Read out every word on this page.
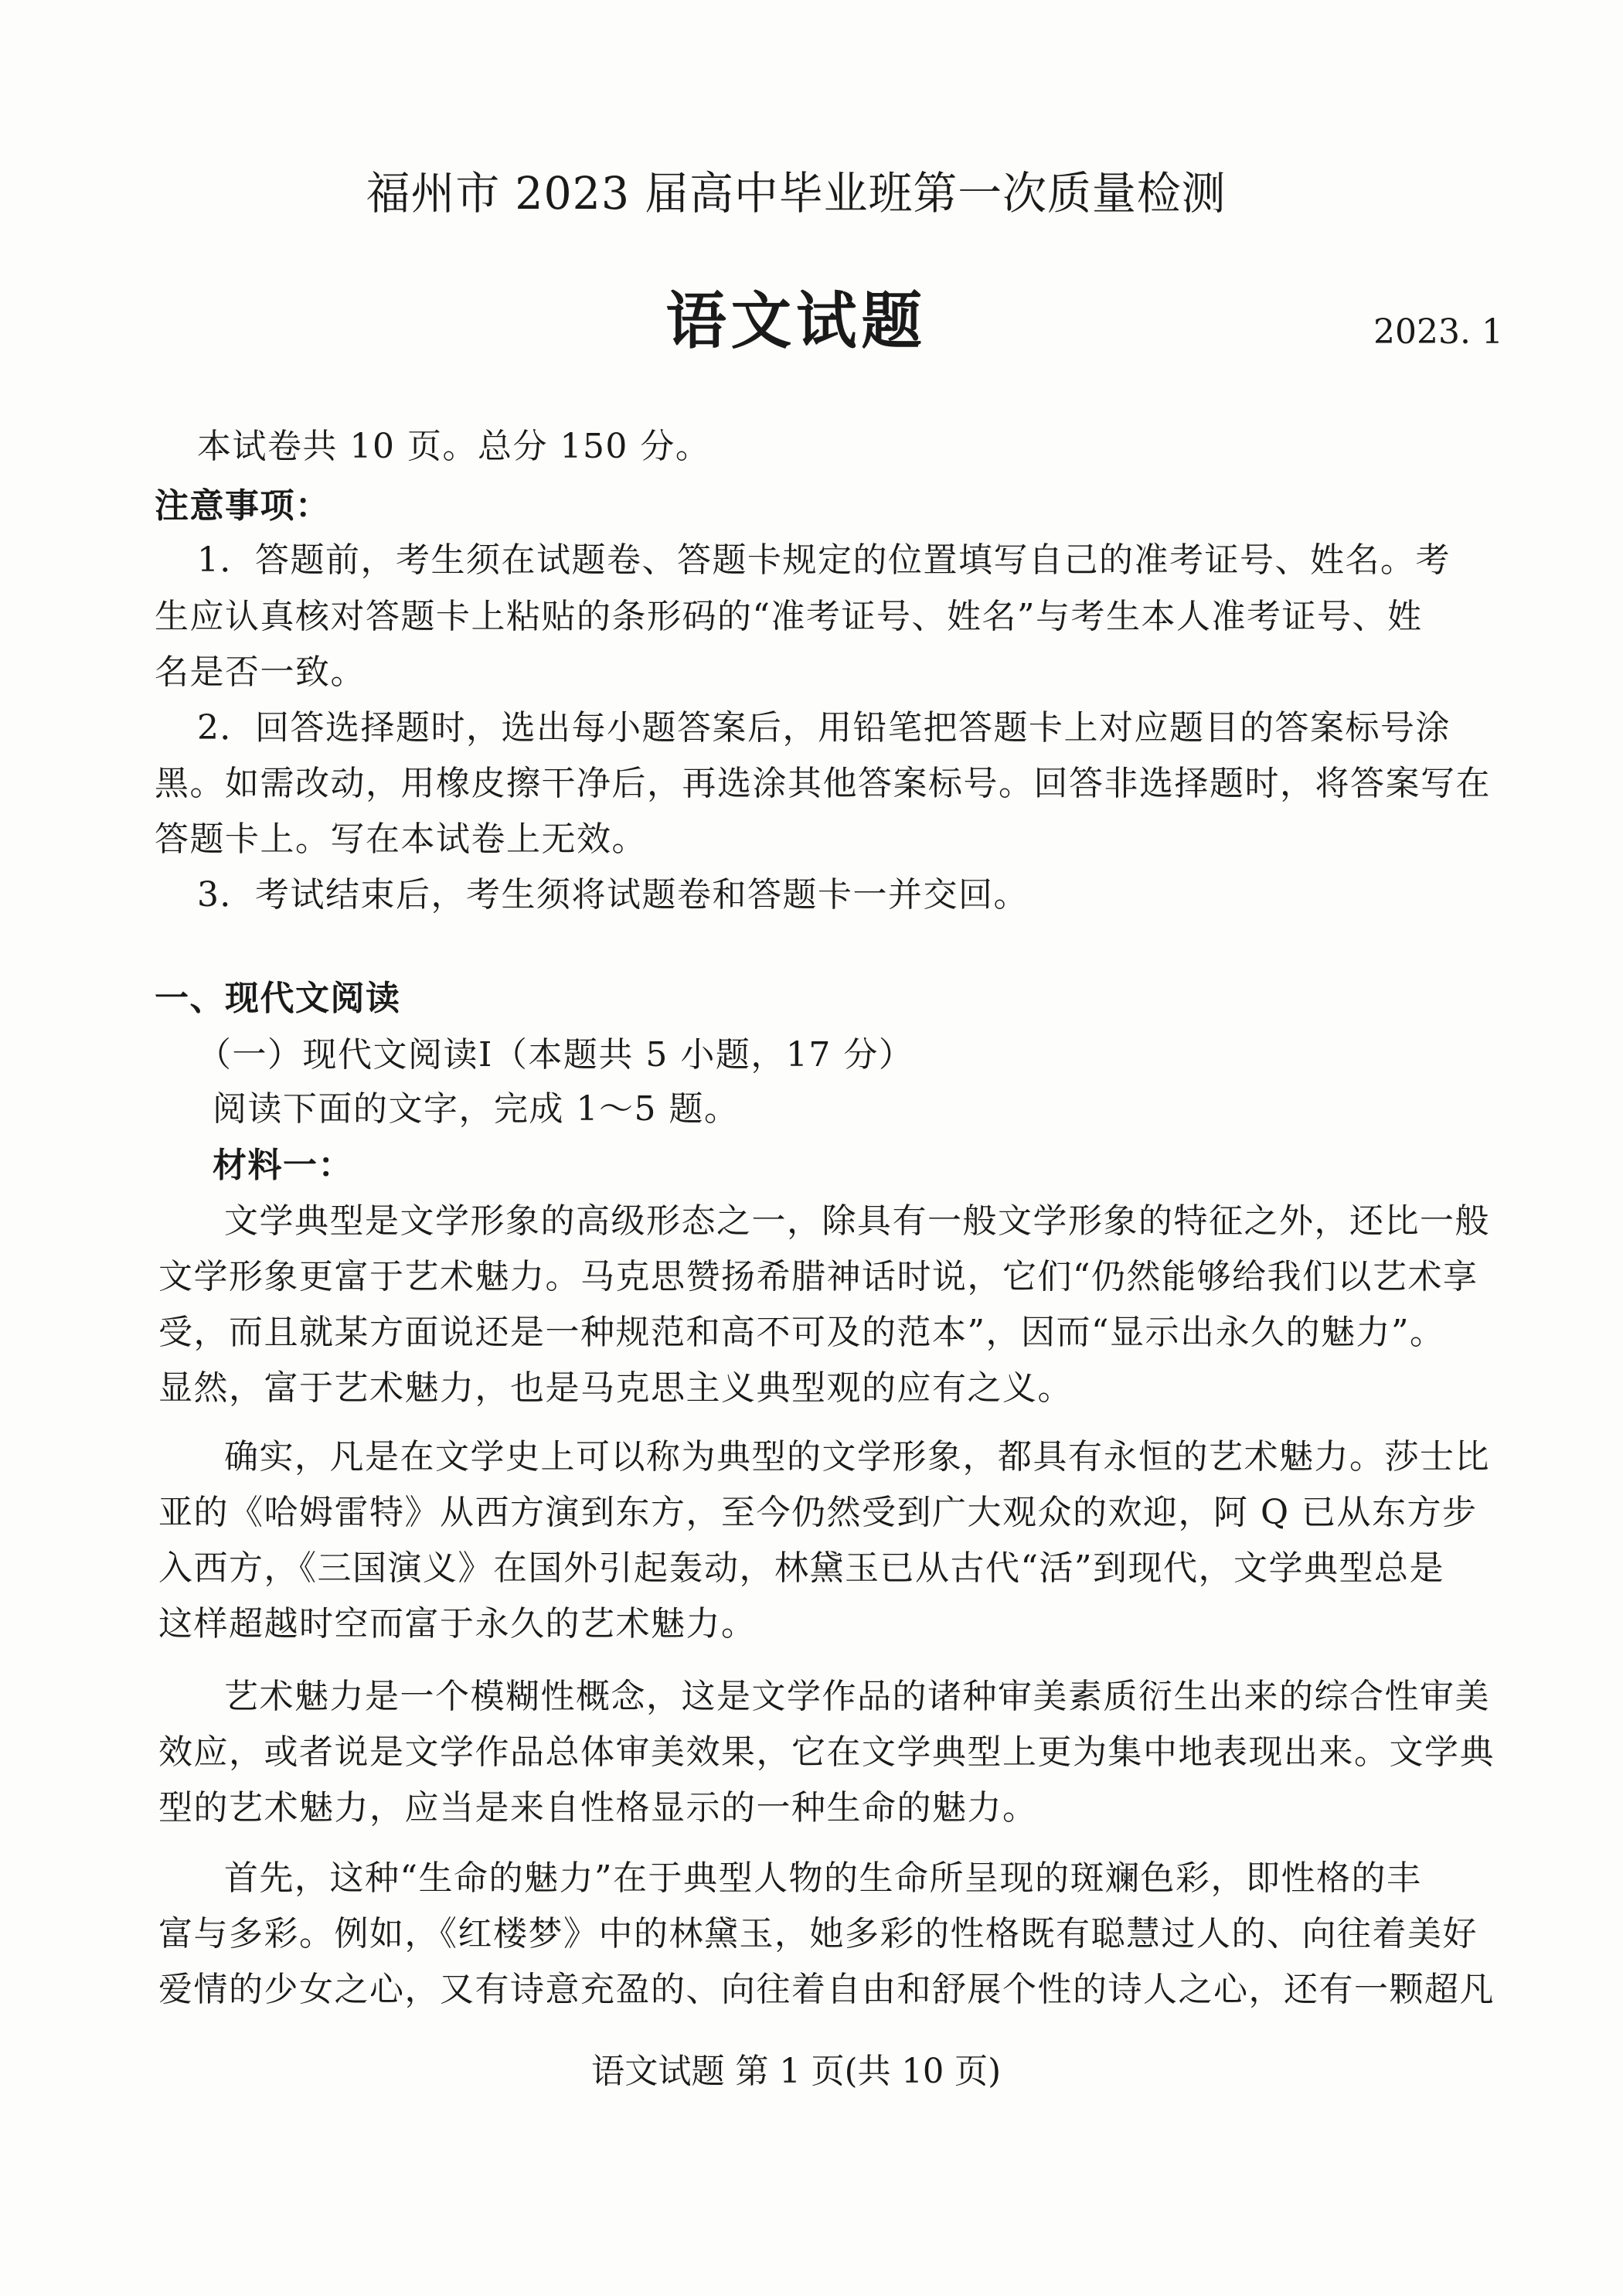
福州市 2023 届高中毕业班第一次质量检测
语文试题	2023. 1
本试卷共 10 页。总分 150 分。
注意事项：
1．答题前，考生须在试题卷、答题卡规定的位置填写自己的准考证号、姓名。考
生应认真核对答题卡上粘贴的条形码的“准考证号、姓名”与考生本人准考证号、姓
名是否一致。
2．回答选择题时，选出每小题答案后，用铅笔把答题卡上对应题目的答案标号涂
黑。如需改动，用橡皮擦干净后，再选涂其他答案标号。回答非选择题时，将答案写在
答题卡上。写在本试卷上无效。
3．考试结束后，考生须将试题卷和答题卡一并交回。
一、现代文阅读
（一）现代文阅读Ⅰ（本题共 5 小题，17 分）
阅读下面的文字，完成 1～5 题。
材料一：
文学典型是文学形象的高级形态之一，除具有一般文学形象的特征之外，还比一般
文学形象更富于艺术魅力。马克思赞扬希腊神话时说，它们“仍然能够给我们以艺术享
受，而且就某方面说还是一种规范和高不可及的范本”，因而“显示出永久的魅力”。
显然，富于艺术魅力，也是马克思主义典型观的应有之义。
确实，凡是在文学史上可以称为典型的文学形象，都具有永恒的艺术魅力。莎士比
亚的《哈姆雷特》从西方演到东方，至今仍然受到广大观众的欢迎，阿 Q 已从东方步
入西方，《三国演义》在国外引起轰动，林黛玉已从古代“活”到现代，文学典型总是
这样超越时空而富于永久的艺术魅力。
艺术魅力是一个模糊性概念，这是文学作品的诸种审美素质衍生出来的综合性审美
效应，或者说是文学作品总体审美效果，它在文学典型上更为集中地表现出来。文学典
型的艺术魅力，应当是来自性格显示的一种生命的魅力。
首先，这种“生命的魅力”在于典型人物的生命所呈现的斑斓色彩，即性格的丰
富与多彩。例如，《红楼梦》中的林黛玉，她多彩的性格既有聪慧过人的、向往着美好
爱情的少女之心，又有诗意充盈的、向往着自由和舒展个性的诗人之心，还有一颗超凡
语文试题 第 1 页(共 10 页)
